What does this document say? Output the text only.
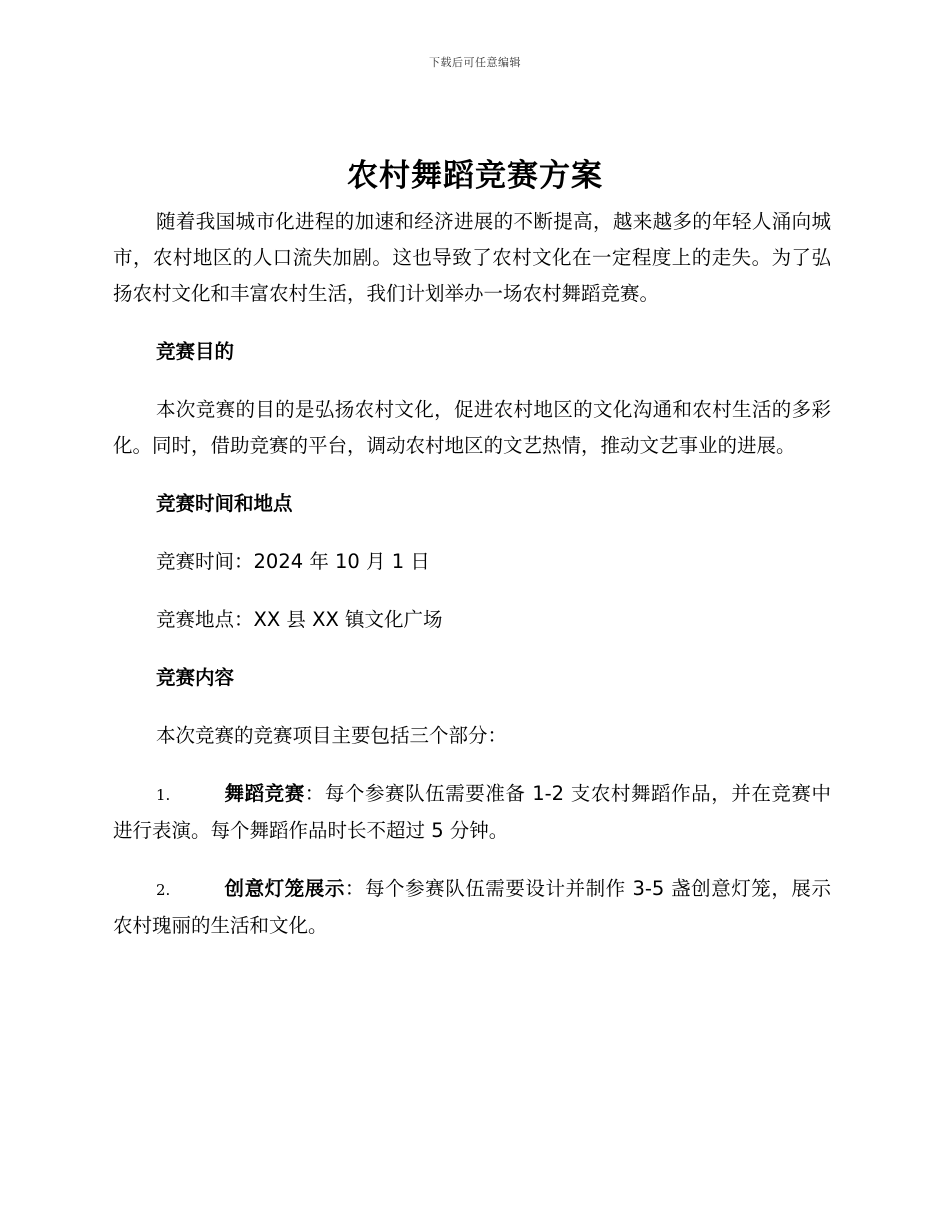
下载后可任意编辑
农村舞蹈竞赛方案

随着我国城市化进程的加速和经济进展的不断提高，越来越多的年轻人涌向城市，农村地区的人口流失加剧。这也导致了农村文化在一定程度上的走失。为了弘扬农村文化和丰富农村生活，我们计划举办一场农村舞蹈竞赛。

竞赛目的

本次竞赛的目的是弘扬农村文化，促进农村地区的文化沟通和农村生活的多彩化。同时，借助竞赛的平台，调动农村地区的文艺热情，推动文艺事业的进展。

竞赛时间和地点

竞赛时间：2024 年 10 月 1 日

竞赛地点：XX 县 XX 镇文化广场

竞赛内容

本次竞赛的竞赛项目主要包括三个部分：

1.	舞蹈竞赛：每个参赛队伍需要准备 1-2 支农村舞蹈作品，并在竞赛中进行表演。每个舞蹈作品时长不超过 5 分钟。

2.	创意灯笼展示：每个参赛队伍需要设计并制作 3-5 盏创意灯笼，展示农村瑰丽的生活和文化。
